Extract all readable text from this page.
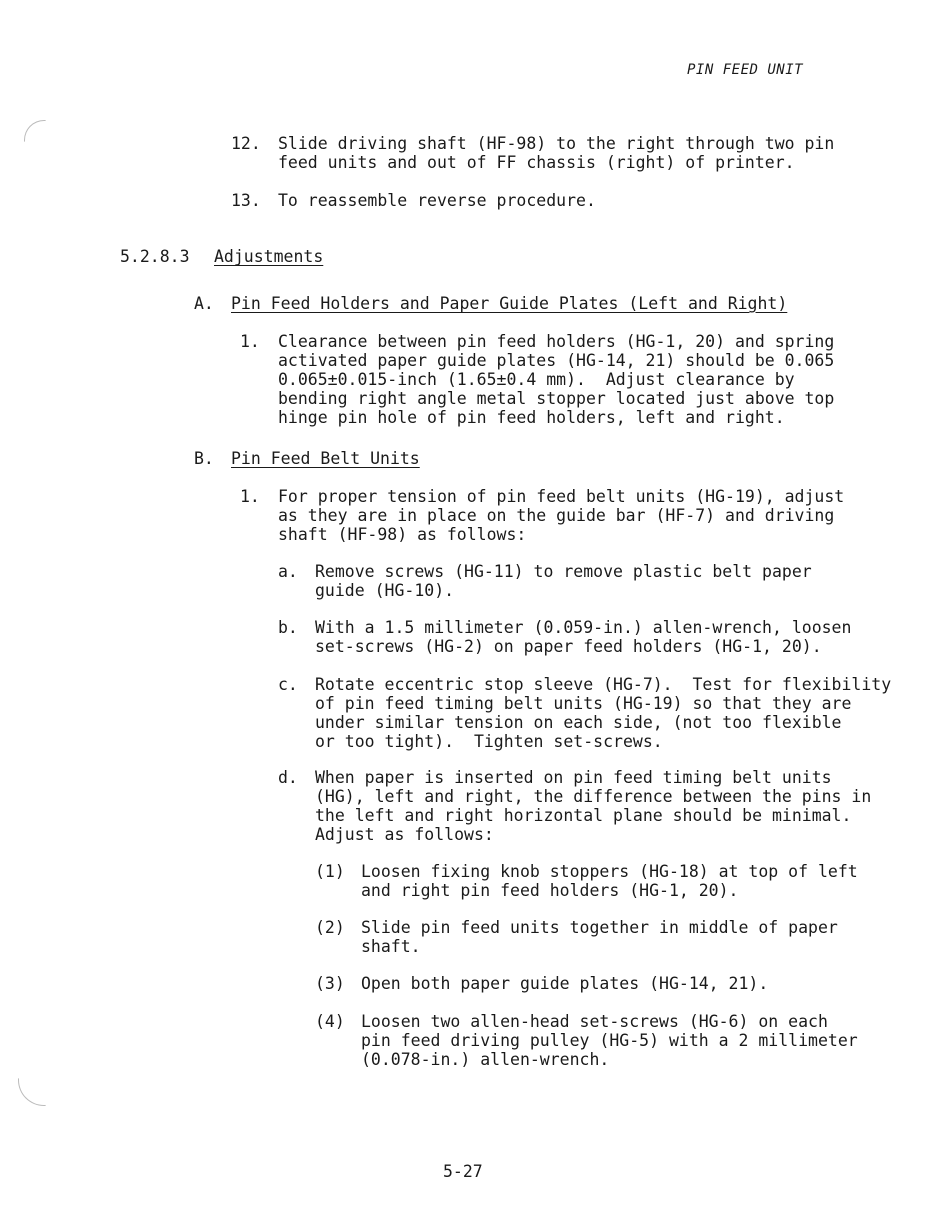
PIN FEED UNIT
12. Slide driving shaft (HF-98) to the right through two pin
feed units and out of FF chassis (right) of printer.
13. To reassemble reverse procedure.
5.2.8.3 Adjustments
A. Pin Feed Holders and Paper Guide Plates (Left and Right)
1. Clearance between pin feed holders (HG-1, 20) and spring
activated paper guide plates (HG-14, 21) should be 0.065
0.065±0.015-inch (1.65±0.4 mm).  Adjust clearance by
bending right angle metal stopper located just above top
hinge pin hole of pin feed holders, left and right.
B. Pin Feed Belt Units
1. For proper tension of pin feed belt units (HG-19), adjust
as they are in place on the guide bar (HF-7) and driving
shaft (HF-98) as follows:
a. Remove screws (HG-11) to remove plastic belt paper
guide (HG-10).
b. With a 1.5 millimeter (0.059-in.) allen-wrench, loosen
set-screws (HG-2) on paper feed holders (HG-1, 20).
c. Rotate eccentric stop sleeve (HG-7).  Test for flexibility
of pin feed timing belt units (HG-19) so that they are
under similar tension on each side, (not too flexible
or too tight).  Tighten set-screws.
d. When paper is inserted on pin feed timing belt units
(HG), left and right, the difference between the pins in
the left and right horizontal plane should be minimal.
Adjust as follows:
(1) Loosen fixing knob stoppers (HG-18) at top of left
and right pin feed holders (HG-1, 20).
(2) Slide pin feed units together in middle of paper
shaft.
(3) Open both paper guide plates (HG-14, 21).
(4) Loosen two allen-head set-screws (HG-6) on each
pin feed driving pulley (HG-5) with a 2 millimeter
(0.078-in.) allen-wrench.
5-27
